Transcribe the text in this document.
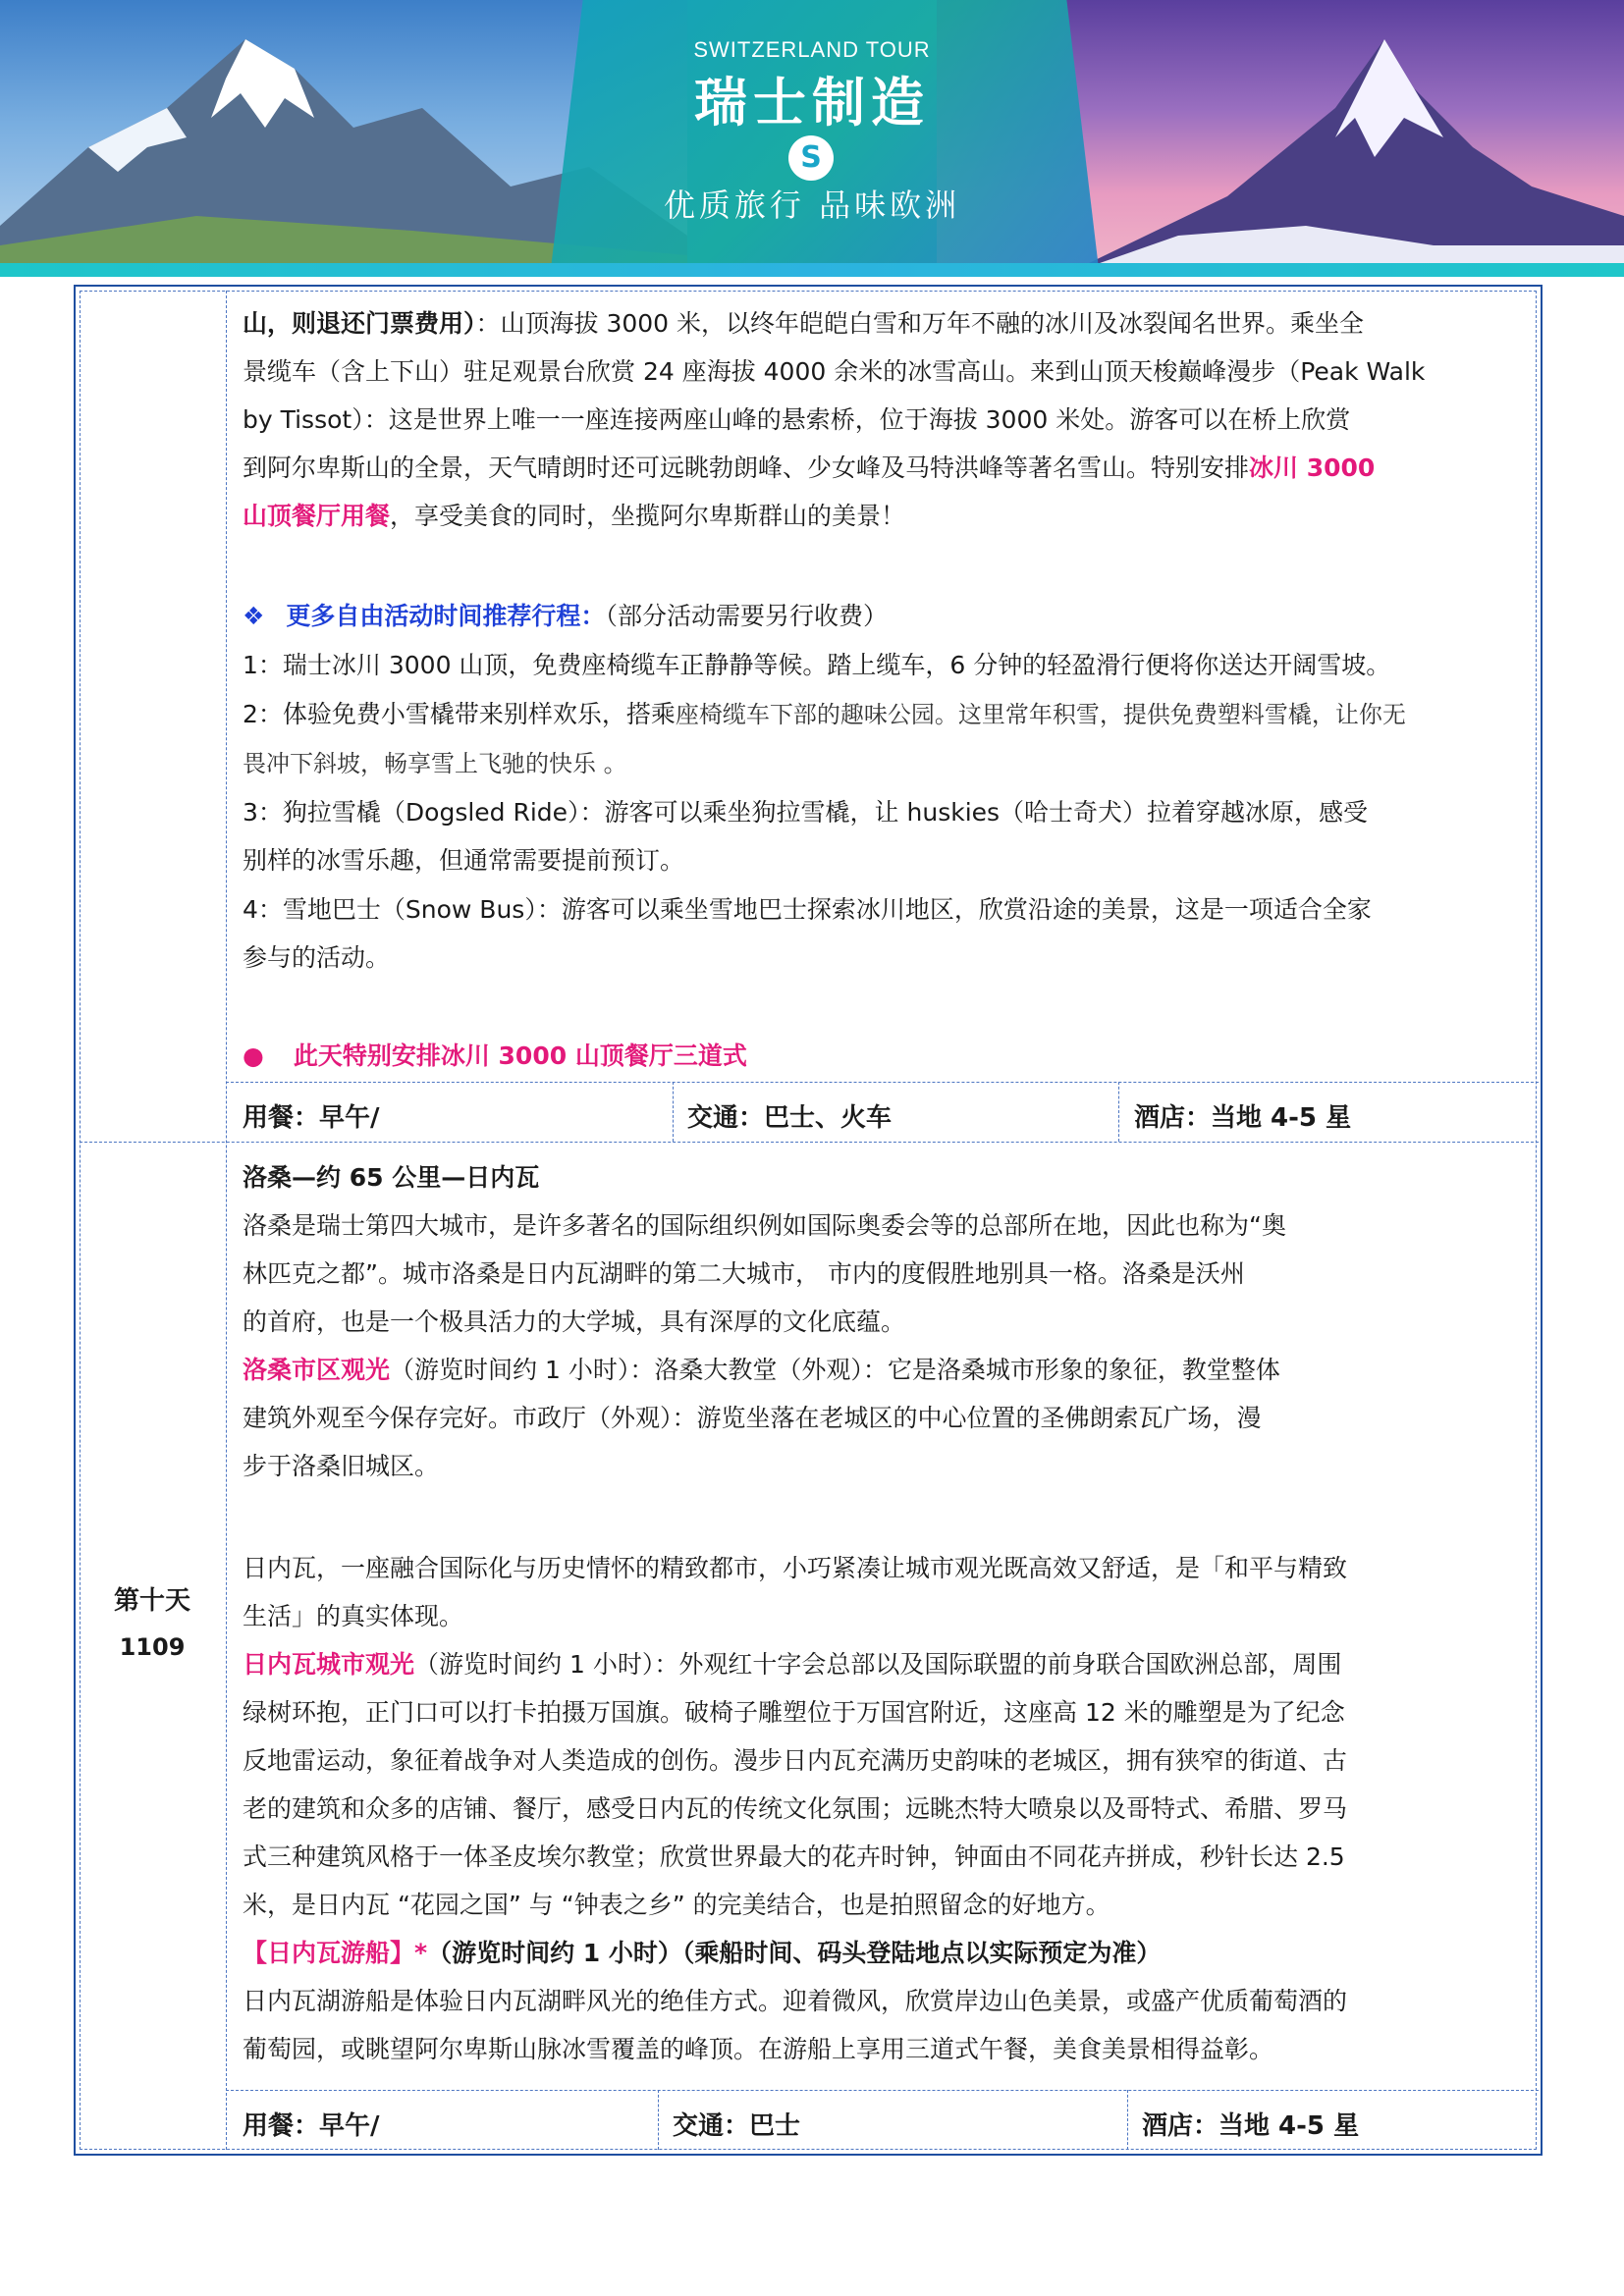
SWITZERLAND TOUR
瑞士制造
S
优质旅行 品味欧洲
山，则退还门票费用）：山顶海拔 3000 米，以终年皑皑白雪和万年不融的冰川及冰裂闻名世界。乘坐全
景缆车（含上下山）驻足观景台欣赏 24 座海拔 4000 余米的冰雪高山。来到山顶天梭巅峰漫步（Peak Walk
by Tissot）：这是世界上唯一一座连接两座山峰的悬索桥，位于海拔 3000 米处。游客可以在桥上欣赏
到阿尔卑斯山的全景，天气晴朗时还可远眺勃朗峰、少女峰及马特洪峰等著名雪山。特别安排冰川 3000
山顶餐厅用餐，享受美食的同时，坐揽阿尔卑斯群山的美景！
❖ 更多自由活动时间推荐行程：（部分活动需要另行收费）
1：瑞士冰川 3000 山顶，免费座椅缆车正静静等候。踏上缆车，6 分钟的轻盈滑行便将你送达开阔雪坡。
2：体验免费小雪橇带来别样欢乐，搭乘座椅缆车下部的趣味公园。这里常年积雪，提供免费塑料雪橇，让你无
畏冲下斜坡，畅享雪上飞驰的快乐 。
3：狗拉雪橇（Dogsled Ride）：游客可以乘坐狗拉雪橇，让 huskies（哈士奇犬）拉着穿越冰原，感受
别样的冰雪乐趣，但通常需要提前预订。
4：雪地巴士（Snow Bus）：游客可以乘坐雪地巴士探索冰川地区，欣赏沿途的美景，这是一项适合全家
参与的活动。
● 此天特别安排冰川 3000 山顶餐厅三道式
用餐：早午/	交通：巴士、火车	酒店：当地 4-5 星
第十天
1109
洛桑—约 65 公里—日内瓦
洛桑是瑞士第四大城市，是许多著名的国际组织例如国际奥委会等的总部所在地，因此也称为“奥
林匹克之都”。城市洛桑是日内瓦湖畔的第二大城市， 市内的度假胜地别具一格。洛桑是沃州
的首府，也是一个极具活力的大学城，具有深厚的文化底蕴。
洛桑市区观光（游览时间约 1 小时）：洛桑大教堂（外观）：它是洛桑城市形象的象征，教堂整体
建筑外观至今保存完好。市政厅（外观）：游览坐落在老城区的中心位置的圣佛朗索瓦广场，漫
步于洛桑旧城区。
日内瓦，一座融合国际化与历史情怀的精致都市，小巧紧凑让城市观光既高效又舒适，是「和平与精致
生活」的真实体现。
日内瓦城市观光（游览时间约 1 小时）：外观红十字会总部以及国际联盟的前身联合国欧洲总部，周围
绿树环抱，正门口可以打卡拍摄万国旗。破椅子雕塑位于万国宫附近，这座高 12 米的雕塑是为了纪念
反地雷运动，象征着战争对人类造成的创伤。漫步日内瓦充满历史韵味的老城区，拥有狭窄的街道、古
老的建筑和众多的店铺、餐厅，感受日内瓦的传统文化氛围；远眺杰特大喷泉以及哥特式、希腊、罗马
式三种建筑风格于一体圣皮埃尔教堂；欣赏世界最大的花卉时钟，钟面由不同花卉拼成，秒针长达 2.5
米，是日内瓦 “花园之国” 与 “钟表之乡” 的完美结合，也是拍照留念的好地方。
【日内瓦游船】*（游览时间约 1 小时）（乘船时间、码头登陆地点以实际预定为准）
日内瓦湖游船是体验日内瓦湖畔风光的绝佳方式。迎着微风，欣赏岸边山色美景，或盛产优质葡萄酒的
葡萄园，或眺望阿尔卑斯山脉冰雪覆盖的峰顶。在游船上享用三道式午餐，美食美景相得益彰。
用餐：早午/	交通：巴士	酒店：当地 4-5 星
